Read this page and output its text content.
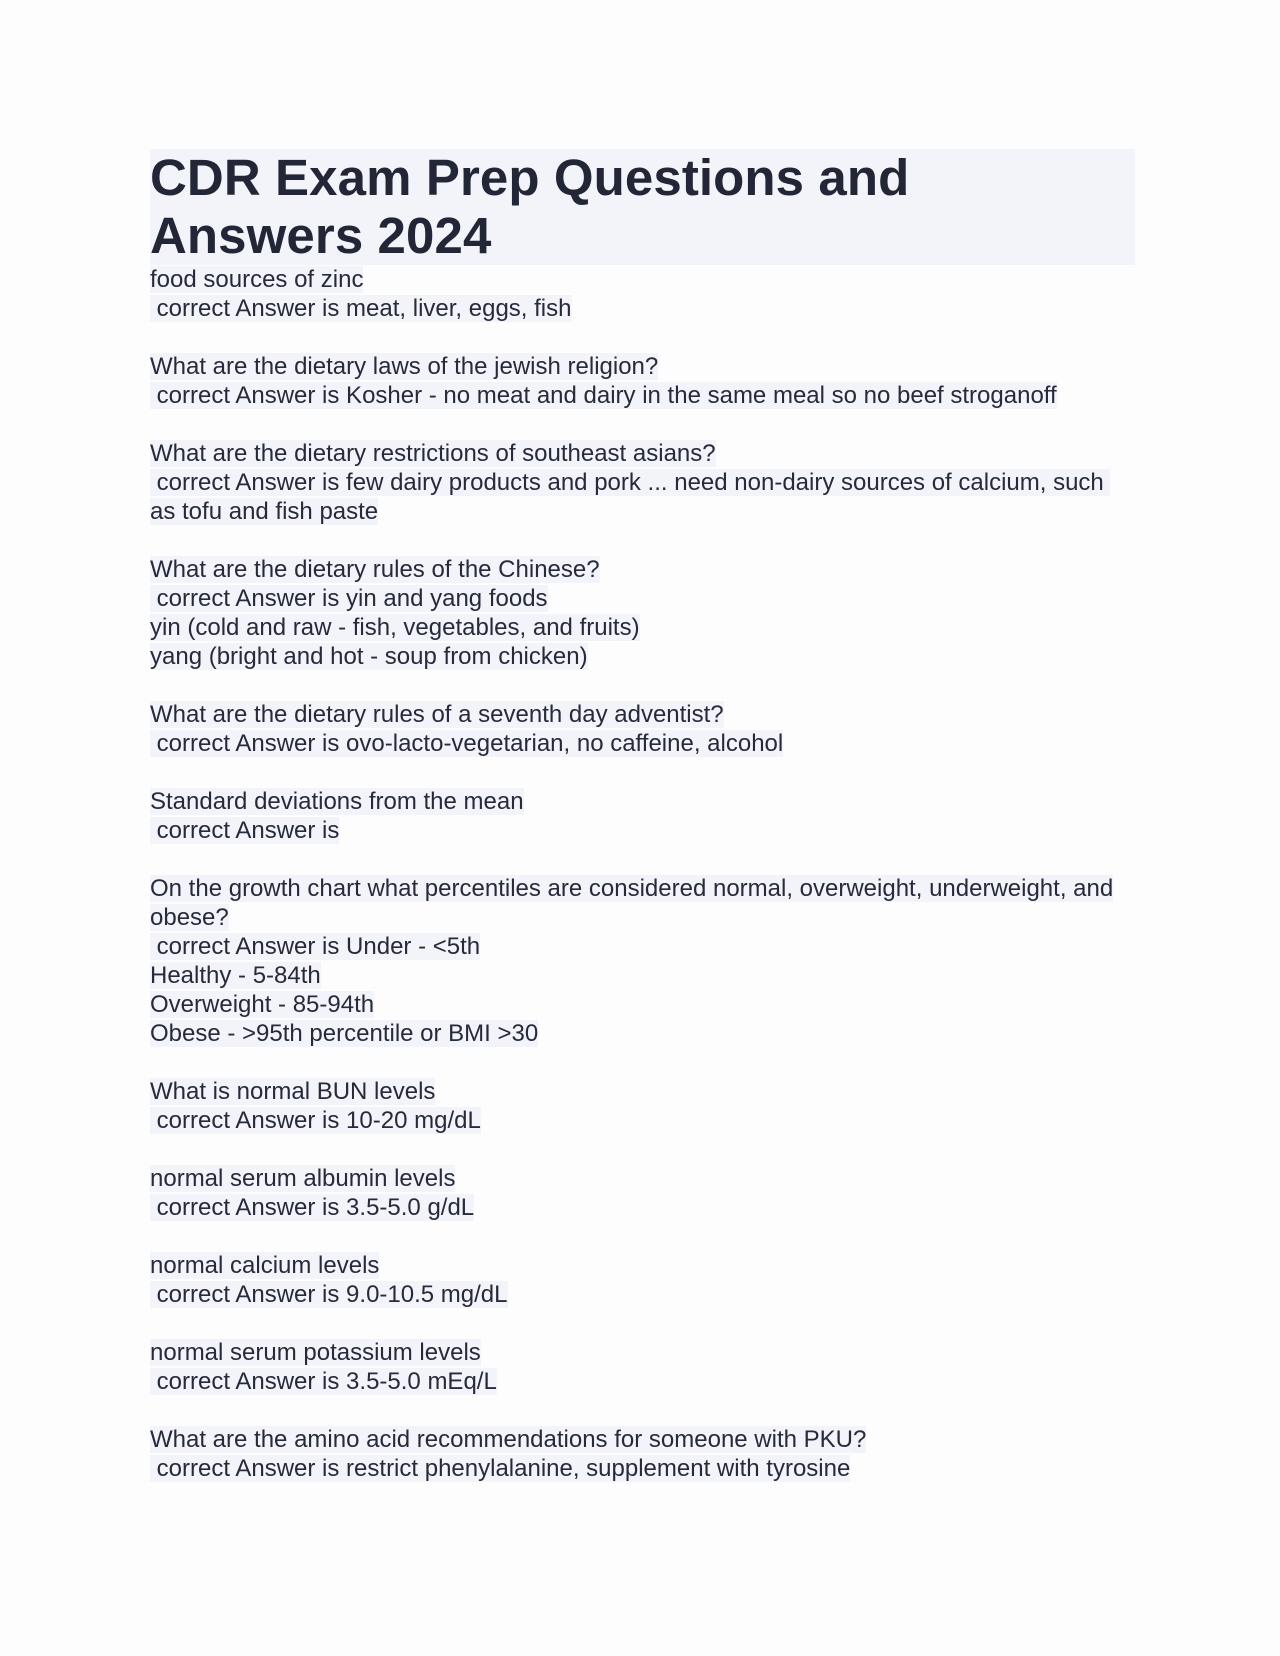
CDR Exam Prep Questions and Answers 2024
food sources of zinc
correct Answer is meat, liver, eggs, fish
What are the dietary laws of the jewish religion?
correct Answer is Kosher - no meat and dairy in the same meal so no beef stroganoff
What are the dietary restrictions of southeast asians?
correct Answer is few dairy products and pork ... need non-dairy sources of calcium, such as tofu and fish paste
What are the dietary rules of the Chinese?
correct Answer is yin and yang foods
yin (cold and raw - fish, vegetables, and fruits)
yang (bright and hot - soup from chicken)
What are the dietary rules of a seventh day adventist?
correct Answer is ovo-lacto-vegetarian, no caffeine, alcohol
Standard deviations from the mean
correct Answer is
On the growth chart what percentiles are considered normal, overweight, underweight, and obese?
correct Answer is Under - <5th
Healthy - 5-84th
Overweight - 85-94th
Obese - >95th percentile or BMI >30
What is normal BUN levels
correct Answer is 10-20 mg/dL
normal serum albumin levels
correct Answer is 3.5-5.0 g/dL
normal calcium levels
correct Answer is 9.0-10.5 mg/dL
normal serum potassium levels
correct Answer is 3.5-5.0 mEq/L
What are the amino acid recommendations for someone with PKU?
correct Answer is restrict phenylalanine, supplement with tyrosine
